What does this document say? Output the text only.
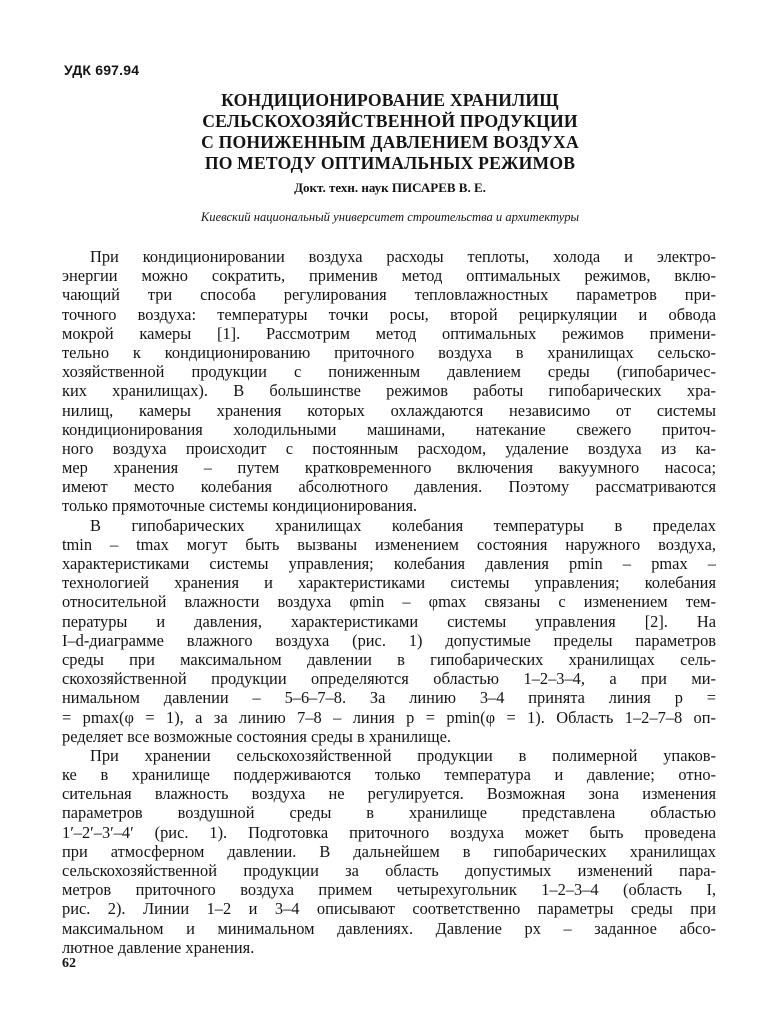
УДК 697.94
КОНДИЦИОНИРОВАНИЕ ХРАНИЛИЩ
СЕЛЬСКОХОЗЯЙСТВЕННОЙ ПРОДУКЦИИ
С ПОНИЖЕННЫМ ДАВЛЕНИЕМ ВОЗДУХА
ПО МЕТОДУ ОПТИМАЛЬНЫХ РЕЖИМОВ
Докт. техн. наук ПИСАРЕВ В. Е.
Киевский национальный университет строительства и архитектуры
При кондиционировании воздуха расходы теплоты, холода и электро-
энергии можно сократить, применив метод оптимальных режимов, вклю-
чающий три способа регулирования тепловлажностных параметров при-
точного воздуха: температуры точки росы, второй рециркуляции и обвода
мокрой камеры [1]. Рассмотрим метод оптимальных режимов примени-
тельно к кондиционированию приточного воздуха в хранилищах сельско-
хозяйственной продукции с пониженным давлением среды (гипобаричес-
ких хранилищах). В большинстве режимов работы гипобарических хра-
нилищ, камеры хранения которых охлаждаются независимо от системы
кондиционирования холодильными машинами, натекание свежего приточ-
ного воздуха происходит с постоянным расходом, удаление воздуха из ка-
мер хранения – путем кратковременного включения вакуумного насоса;
имеют место колебания абсолютного давления. Поэтому рассматриваются
только прямоточные системы кондиционирования.
В гипобарических хранилищах колебания температуры в пределах
tmin – tmax могут быть вызваны изменением состояния наружного воздуха,
характеристиками системы управления; колебания давления pmin – pmax –
технологией хранения и характеристиками системы управления; колебания
относительной влажности воздуха φmin – φmax связаны с изменением тем-
пературы и давления, характеристиками системы управления [2]. На
I–d-диаграмме влажного воздуха (рис. 1) допустимые пределы параметров
среды при максимальном давлении в гипобарических хранилищах сель-
скохозяйственной продукции определяются областью 1–2–3–4, а при ми-
нимальном давлении – 5–6–7–8. За линию 3–4 принята линия p =
= pmax(φ = 1), а за линию 7–8 – линия p = pmin(φ = 1). Область 1–2–7–8 оп-
ределяет все возможные состояния среды в хранилище.
При хранении сельскохозяйственной продукции в полимерной упаков-
ке в хранилище поддерживаются только температура и давление; отно-
сительная влажность воздуха не регулируется. Возможная зона изменения
параметров воздушной среды в хранилище представлена областью
1′–2′–3′–4′ (рис. 1). Подготовка приточного воздуха может быть проведена
при атмосферном давлении. В дальнейшем в гипобарических хранилищах
сельскохозяйственной продукции за область допустимых изменений пара-
метров приточного воздуха примем четырехугольник 1–2–3–4 (область I,
рис. 2). Линии 1–2 и 3–4 описывают соответственно параметры среды при
максимальном и минимальном давлениях. Давление pх – заданное абсо-
лютное давление хранения.
62
